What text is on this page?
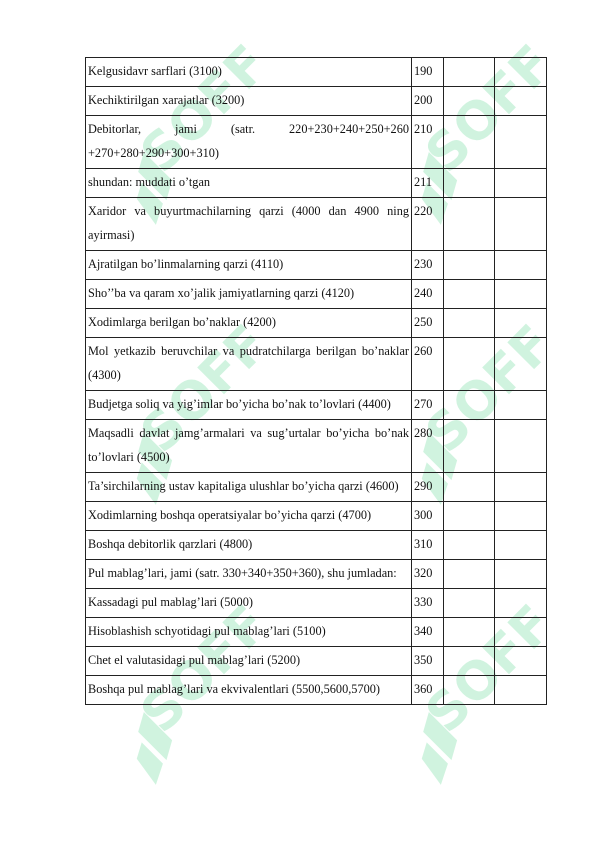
SOFF	SOFF
SOFF	SOFF
SOFF	SOFF
Kelgusidavr sarflari (3100)	190		
Kechiktirilgan xarajatlar (3200)	200		
Debitorlar, jami (satr. 220+230+240+250+260 +270+280+290+300+310)	210		
shundan: muddati o’tgan	211		
Xaridor va buyurtmachilarning qarzi (4000 dan 4900 ning ayirmasi)	220		
Ajratilgan bo’linmalarning qarzi (4110)	230		
Sho’’ba va qaram xo’jalik jamiyatlarning qarzi (4120)	240		
Xodimlarga berilgan bo’naklar (4200)	250		
Mol yetkazib beruvchilar va pudratchilarga berilgan bo’naklar (4300)	260		
Budjetga soliq va yig’imlar bo’yicha bo’nak to’lovlari (4400)	270		
Maqsadli davlat jamg’armalari va sug’urtalar bo’yicha bo’nak to’lovlari (4500)	280		
Ta’sirchilarning ustav kapitaliga ulushlar bo’yicha qarzi (4600)	290		
Xodimlarning boshqa operatsiyalar bo’yicha qarzi (4700)	300		
Boshqa debitorlik qarzlari (4800)	310		
Pul mablag’lari, jami (satr. 330+340+350+360), shu jumladan:	320		
Kassadagi pul mablag’lari (5000)	330		
Hisoblashish schyotidagi pul mablag’lari (5100)	340		
Chet el valutasidagi pul mablag’lari (5200)	350		
Boshqa pul mablag’lari va ekvivalentlari (5500,5600,5700)	360		
